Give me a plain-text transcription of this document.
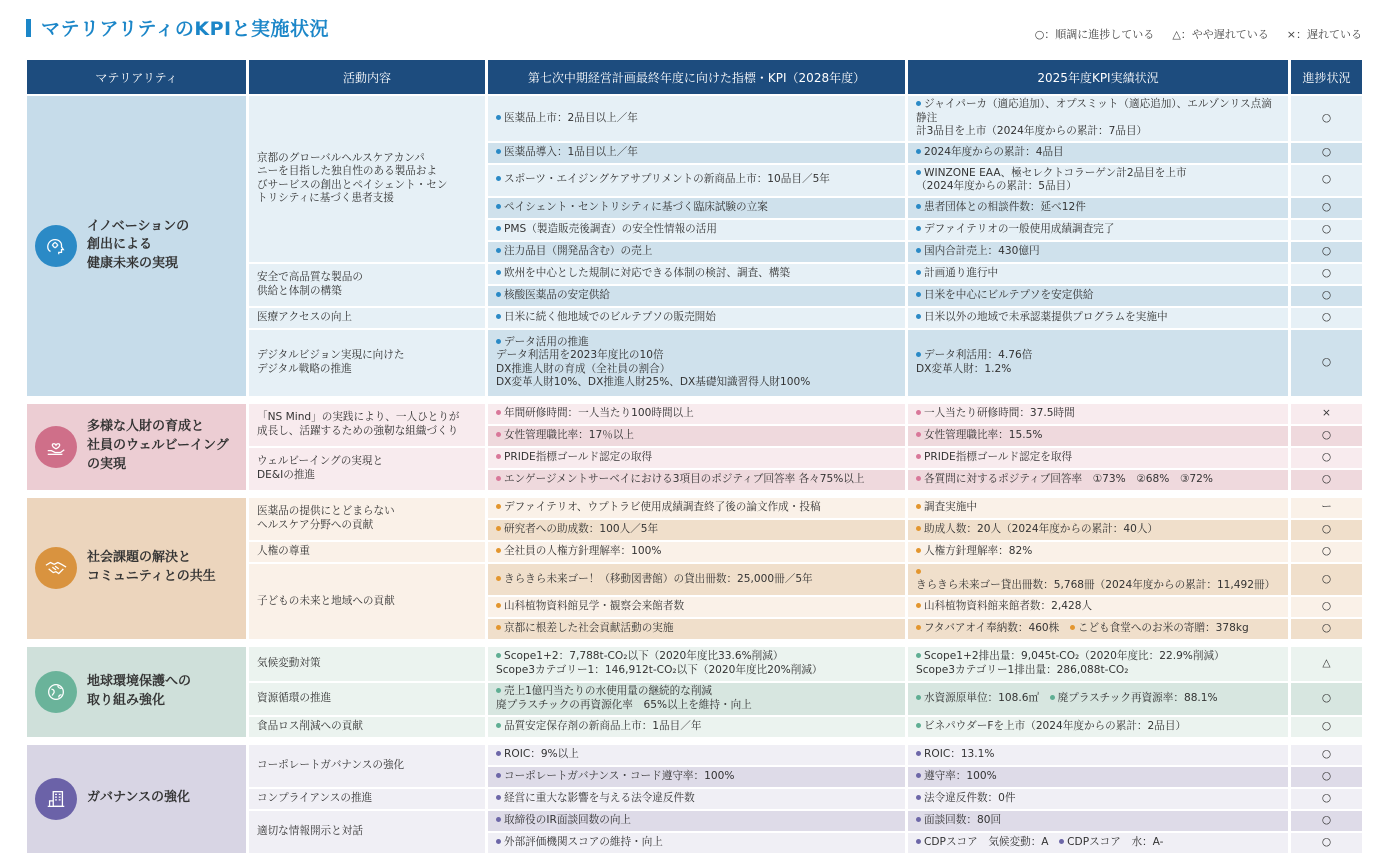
マテリアリティのKPIと実施状況	○：順調に進捗している △：やや遅れている ×：遅れている
マテリアリティ	活動内容	第七次中期経営計画最終年度に向けた指標・KPI（2028年度）	2025年度KPI実績状況	進捗状況

イノベーションの
創出による
健康未来の実現	京都のグローバルヘルスケアカンパ
ニーを目指した独自性のある製品およ
びサービスの創出とペイシェント・セン
トリシティに基づく患者支援	医薬品上市：2品目以上／年	ジャイパーカ（適応追加）、オプスミット（適応追加）、エルゾンリス点滴静注
計3品目を上市（2024年度からの累計：7品目）	○

		医薬品導入：1品目以上／年	2024年度からの累計：4品目	○

		スポーツ・エイジングケアサプリメントの新商品上市：10品目／5年	WINZONE EAA、極セレクトコラーゲン計2品目を上市
（2024年度からの累計：5品目）	○

		ペイシェント・セントリシティに基づく臨床試験の立案	患者団体との相談件数：延べ12件	○

		PMS（製造販売後調査）の安全性情報の活用	デファイテリオの一般使用成績調査完了	○

		注力品目（開発品含む）の売上	国内合計売上：430億円	○
	安全で高品質な製品の
供給と体制の構築	欧州を中心とした規制に対応できる体制の検討、調査、構築	計画通り進行中	○

		核酸医薬品の安定供給	日米を中心にビルテプソを安定供給	○
	医療アクセスの向上	日米に続く他地域でのビルテプソの販売開始	日米以外の地域で未承認薬提供プログラムを実施中	○
	デジタルビジョン実現に向けた
デジタル戦略の推進	データ活用の推進
データ利活用を2023年度比の10倍
DX推進人財の育成（全社員の割合）
DX変革人財10%、DX推進人財25%、DX基礎知識習得人財100%	データ利活用：4.76倍
DX変革人財：1.2%	○

多様な人財の育成と
社員のウェルビーイング
の実現	「NS Mind」の実践により、一人ひとりが
成長し、活躍するための強靭な組織づくり	年間研修時間：一人当たり100時間以上	一人当たり研修時間：37.5時間	×

		女性管理職比率：17％以上	女性管理職比率：15.5%	○
	ウェルビーイングの実現と
DE&Iの推進	PRIDE指標ゴールド認定の取得	PRIDE指標ゴールド認定を取得	○

		エンゲージメントサーベイにおける3項目のポジティブ回答率 各々75%以上	各質問に対するポジティブ回答率　①73%　②68%　③72%	○

社会課題の解決と
コミュニティとの共生	医薬品の提供にとどまらない
ヘルスケア分野への貢献	デファイテリオ、ウプトラビ使用成績調査終了後の論文作成・投稿	調査実施中	ー

		研究者への助成数：100人／5年	助成人数：20人（2024年度からの累計：40人）	○
	人権の尊重	全社員の人権方針理解率：100%	人権方針理解率：82%	○
	子どもの未来と地域への貢献	きらきら未来ゴー！（移動図書館）の貸出冊数：25,000冊／5年	きらきら未来ゴー貸出冊数：5,768冊（2024年度からの累計：11,492冊）	○

		山科植物資料館見学・観察会来館者数	山科植物資料館来館者数：2,428人	○

		京都に根差した社会貢献活動の実施	フタバアオイ奉納数：460株　こども食堂へのお米の寄贈：378kg	○

地球環境保護への
取り組み強化	気候変動対策	Scope1+2：7,788t-CO₂以下（2020年度比33.6%削減）
Scope3カテゴリー1：146,912t-CO₂以下（2020年度比20%削減）	Scope1+2排出量：9,045t-CO₂（2020年度比：22.9%削減）
Scope3カテゴリー1排出量：286,088t-CO₂	△
	資源循環の推進	売上1億円当たりの水使用量の継続的な削減
廃プラスチックの再資源化率　65%以上を維持・向上	水資源原単位：108.6㎥　廃プラスチック再資源率：88.1%	○
	食品ロス削減への貢献	品質安定保存剤の新商品上市：1品目／年	ビネパウダーFを上市（2024年度からの累計：2品目）	○

ガバナンスの強化	コーポレートガバナンスの強化	ROIC：9%以上	ROIC：13.1%	○

		コーポレートガバナンス・コード遵守率：100%	遵守率：100%	○
	コンプライアンスの推進	経営に重大な影響を与える法令違反件数	法令違反件数：0件	○
	適切な情報開示と対話	取締役のIR面談回数の向上	面談回数：80回	○

		外部評価機関スコアの維持・向上	CDPスコア　気候変動：A　CDPスコア　水：A-	○
